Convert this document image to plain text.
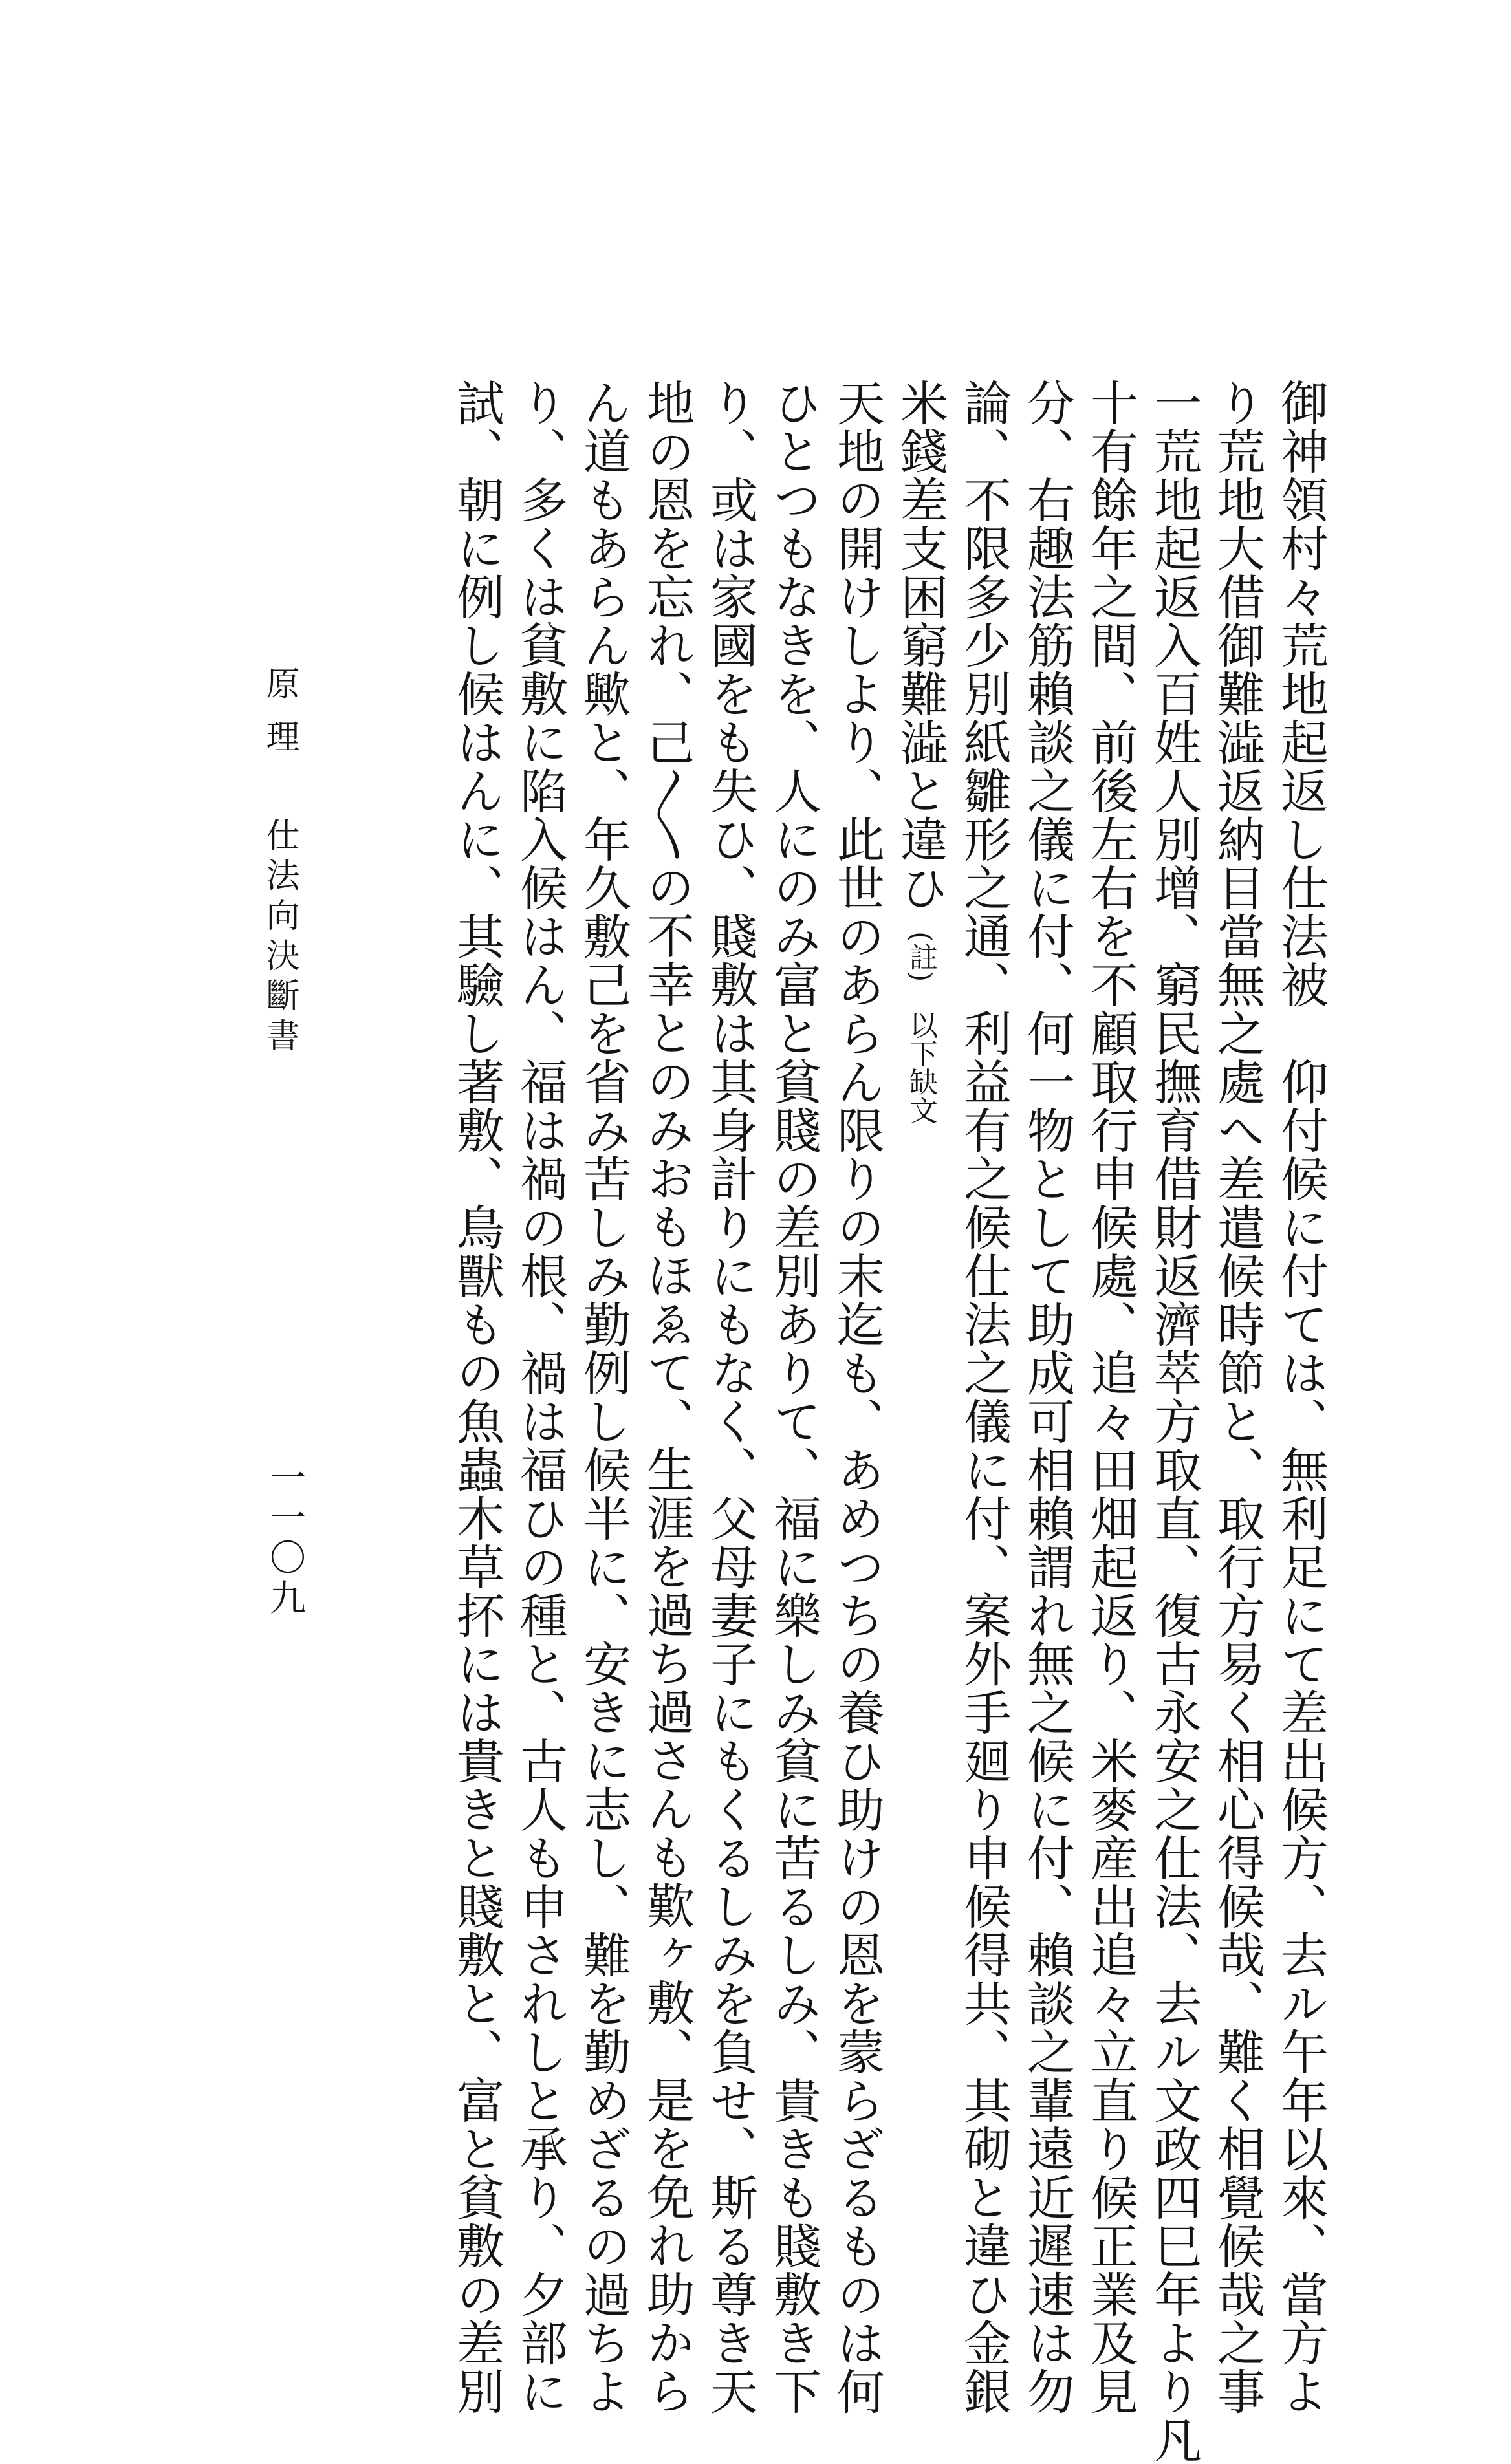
御神領村々荒地起返し仕法被　仰付候に付ては、無利足にて差出候方、去ル午年以來、當方よ
り荒地大借御難澁返納目當無之處へ差遣候時節と、取行方易く相心得候哉、難く相覺候哉之事
一荒地起返入百姓人別增、窮民撫育借財返濟萃方取直、復古永安之仕法、去ル文政四巳年より凡
十有餘年之間、前後左右を不顧取行申候處、追々田畑起返り、米麥産出追々立直り候正業及見
分、右趣法筋賴談之儀に付、何一物として助成可相賴謂れ無之候に付、賴談之輩遠近遲速は勿
論、不限多少別紙雛形之通、利益有之候仕法之儀に付、案外手廻り申候得共、其砌と違ひ金銀
米錢差支困窮難澁と違ひ(註)　以下缺文
天地の開けしより、此世のあらん限りの末迄も、あめつちの養ひ助けの恩を蒙らざるものは何
ひとつもなきを、人にのみ富と貧賤の差別ありて、福に樂しみ貧に苦るしみ、貴きも賤敷き下
り、或は家國をも失ひ、賤敷は其身計りにもなく、父母妻子にもくるしみを負せ、斯る尊き天
地の恩を忘れ、己〳〵の不幸とのみおもほゑて、生涯を過ち過さんも歎ヶ敷、是を免れ助から
ん道もあらん歟と、年久敷己を省み苦しみ勤例し候半に、安きに志し、難を勤めざるの過ちよ
り、多くは貧敷に陷入候はん、福は禍の根、禍は福ひの種と、古人も申されしと承り、夕部に
試、朝に例し候はんに、其驗し著敷、鳥獸もの魚蟲木草抔には貴きと賤敷と、富と貧敷の差別
原理仕法向決斷書
一一〇九
